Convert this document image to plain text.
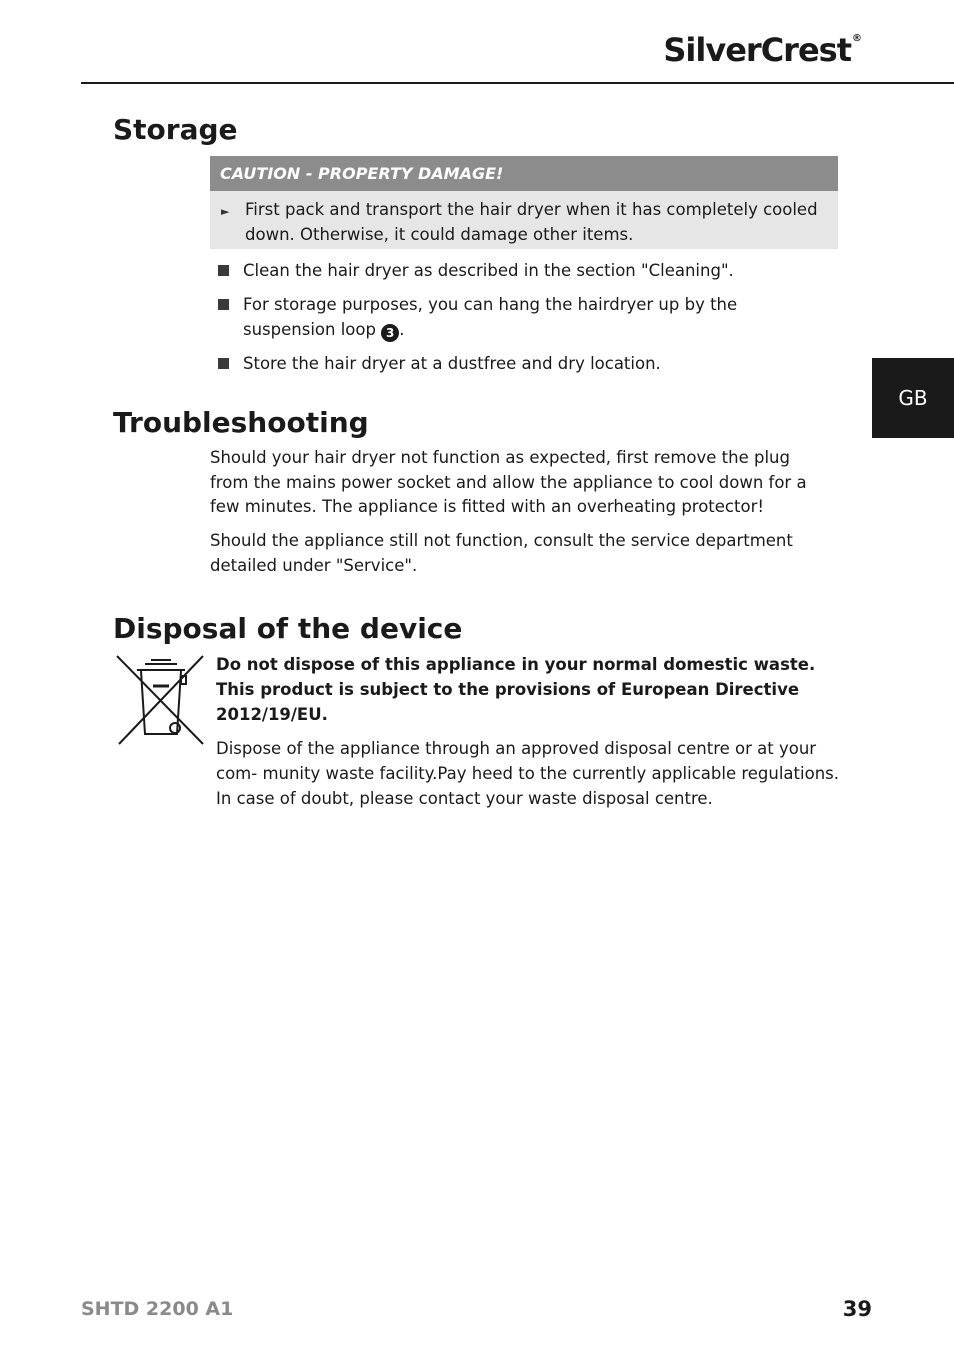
SilverCrest®
GB
Storage
CAUTION - PROPERTY DAMAGE!
► First pack and transport the hair dryer when it has completely cooled down. Otherwise, it could damage other items.
Clean the hair dryer as described in the section "Cleaning".
For storage purposes, you can hang the hairdryer up by the suspension loop 3 .
Store the hair dryer at a dustfree and dry location.
Troubleshooting

Should your hair dryer not function as expected, first remove the plug from the mains power socket and allow the appliance to cool down for a few minutes. The appliance is fitted with an overheating protector!

Should the appliance still not function, consult the service department detailed under "Service".

Disposal of the device

Do not dispose of this appliance in your normal domestic waste. This product is subject to the provisions of European Directive 2012/19/EU.

Dispose of the appliance through an approved disposal centre or at your com- munity waste facility.Pay heed to the currently applicable regulations. In case of doubt, please contact your waste disposal centre.

SHTD 2200 A1	39
